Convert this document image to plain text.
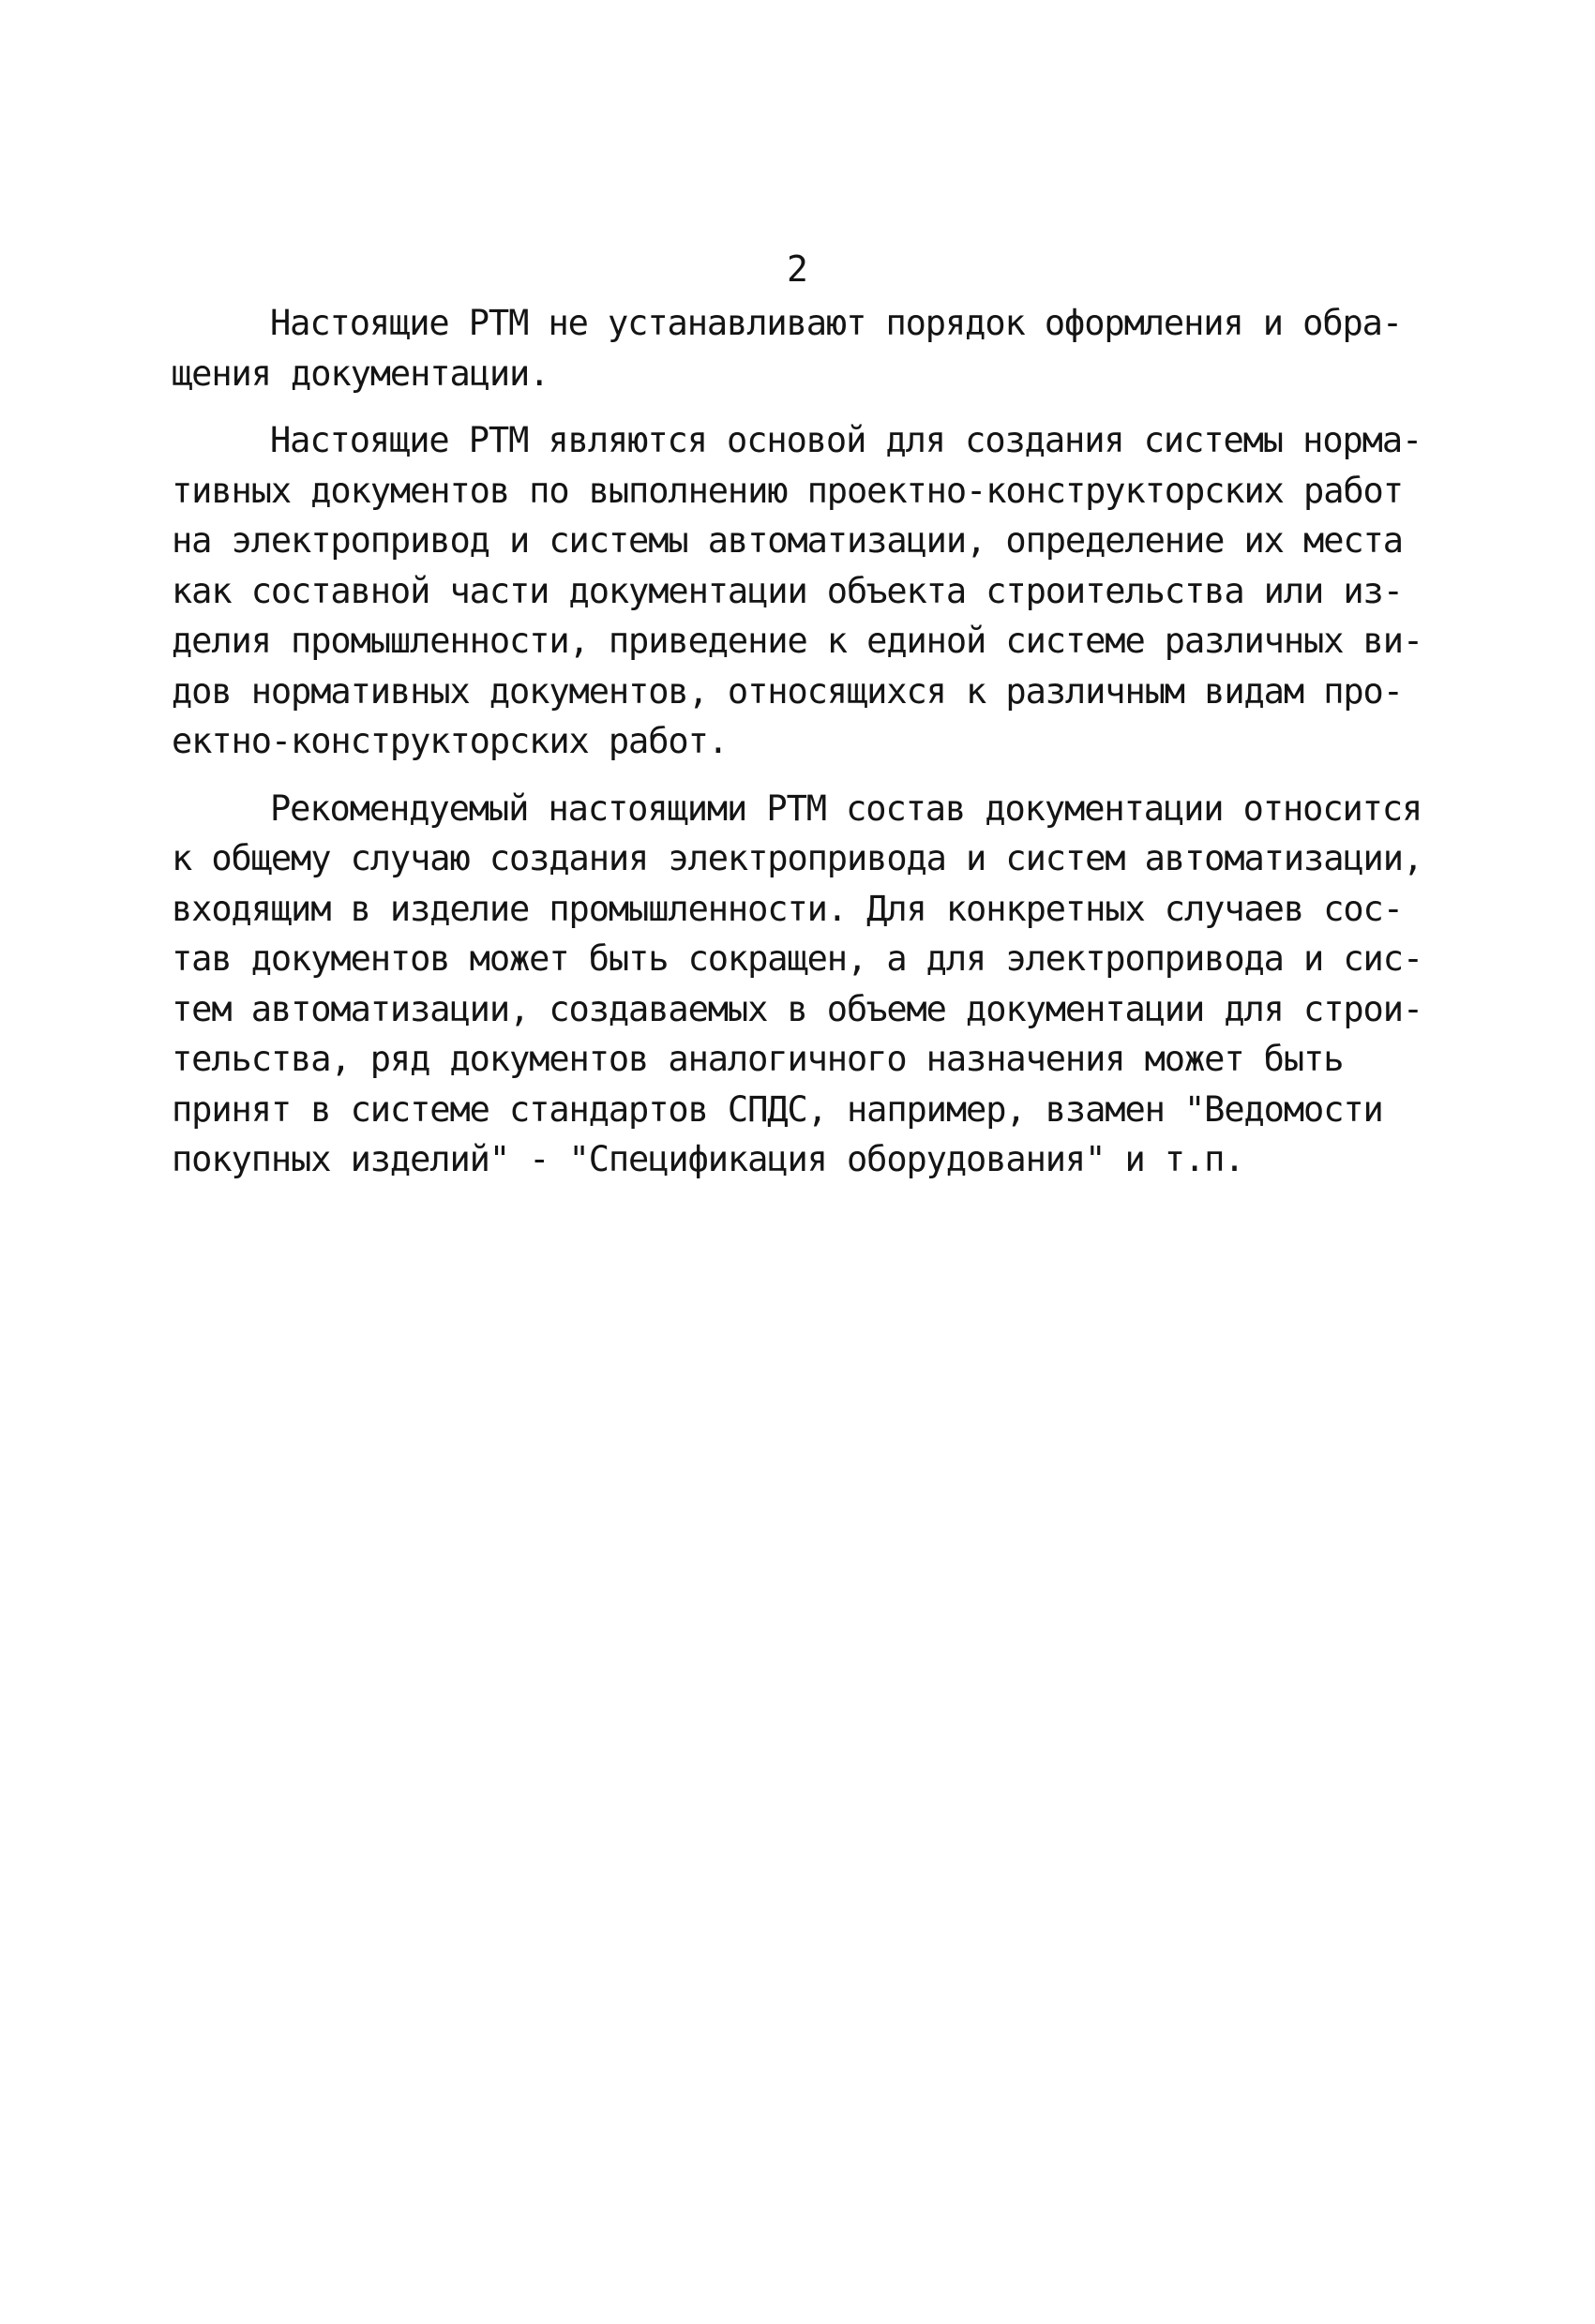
2
Настоящие РТМ не устанавливают порядок оформления и обра-
щения документации.
Настоящие РТМ являются основой для создания системы норма-
тивных документов по выполнению проектно-конструкторских работ
на электропривод и системы автоматизации, определение их места
как составной части документации объекта строительства или из-
делия промышленности, приведение к единой системе различных ви-
дов нормативных документов, относящихся к различным видам про-
ектно-конструкторских работ.
Рекомендуемый настоящими РТМ состав документации относится
к общему случаю создания электропривода и систем автоматизации,
входящим в изделие промышленности. Для конкретных случаев сос-
тав документов может быть сокращен, а для электропривода и сис-
тем автоматизации, создаваемых в объеме документации для строи-
тельства, ряд документов аналогичного назначения может быть
принят в системе стандартов СПДС, например, взамен "Ведомости
покупных изделий" - "Спецификация оборудования" и т.п.
